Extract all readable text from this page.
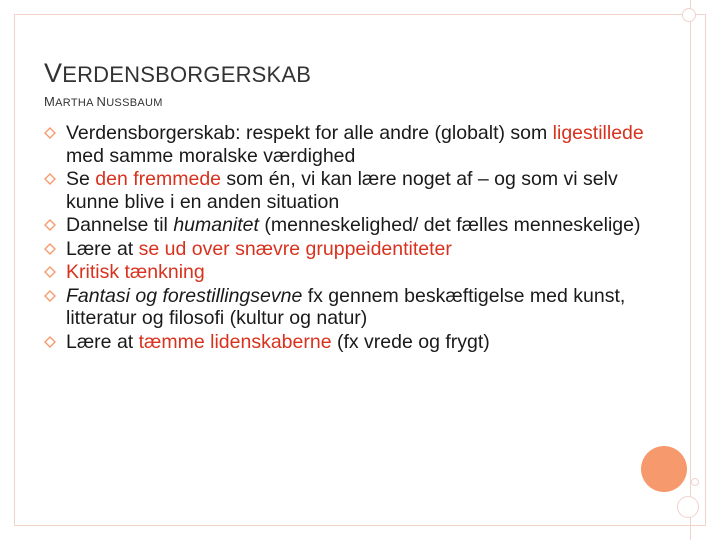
VERDENSBORGERSKAB
MARTHA NUSSBAUM
Verdensborgerskab: respekt for alle andre (globalt) som ligestillede med samme moralske værdighed
Se den fremmede som én, vi kan lære noget af – og som vi selv kunne blive i en anden situation
Dannelse til humanitet (menneskelighed/ det fælles menneskelige)
Lære at se ud over snævre gruppeidentiteter
Kritisk tænkning
Fantasi og forestillingsevne fx gennem beskæftigelse med kunst, litteratur og filosofi (kultur og natur)
Lære at tæmme lidenskaberne (fx vrede og frygt)
